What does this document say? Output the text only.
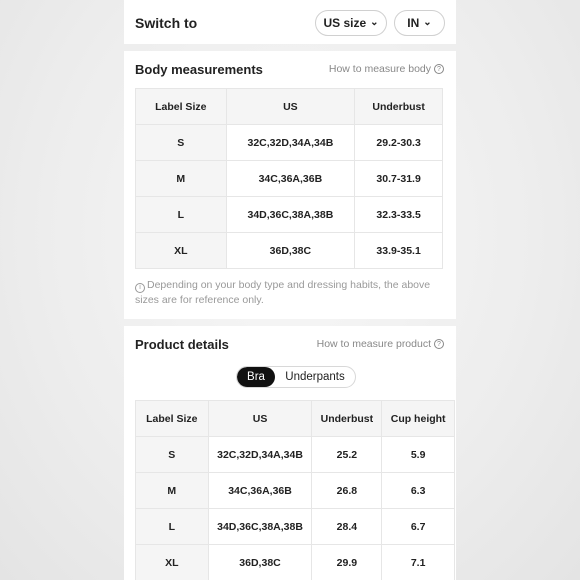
Switch to	US size ⌄ IN ⌄
Body measurements	How to measure body ?
Label Size	US	Underbust
S	32C,32D,34A,34B	29.2-30.3
M	34C,36A,36B	30.7-31.9
L	34D,36C,38A,38B	32.3-33.5
XL	36D,38C	33.9-35.1
i Depending on your body type and dressing habits, the above sizes are for reference only.
Product details	How to measure product ?
Bra	Underpants
Label Size	US	Underbust	Cup height
S	32C,32D,34A,34B	25.2	5.9
M	34C,36A,36B	26.8	6.3
L	34D,36C,38A,38B	28.4	6.7
XL	36D,38C	29.9	7.1
